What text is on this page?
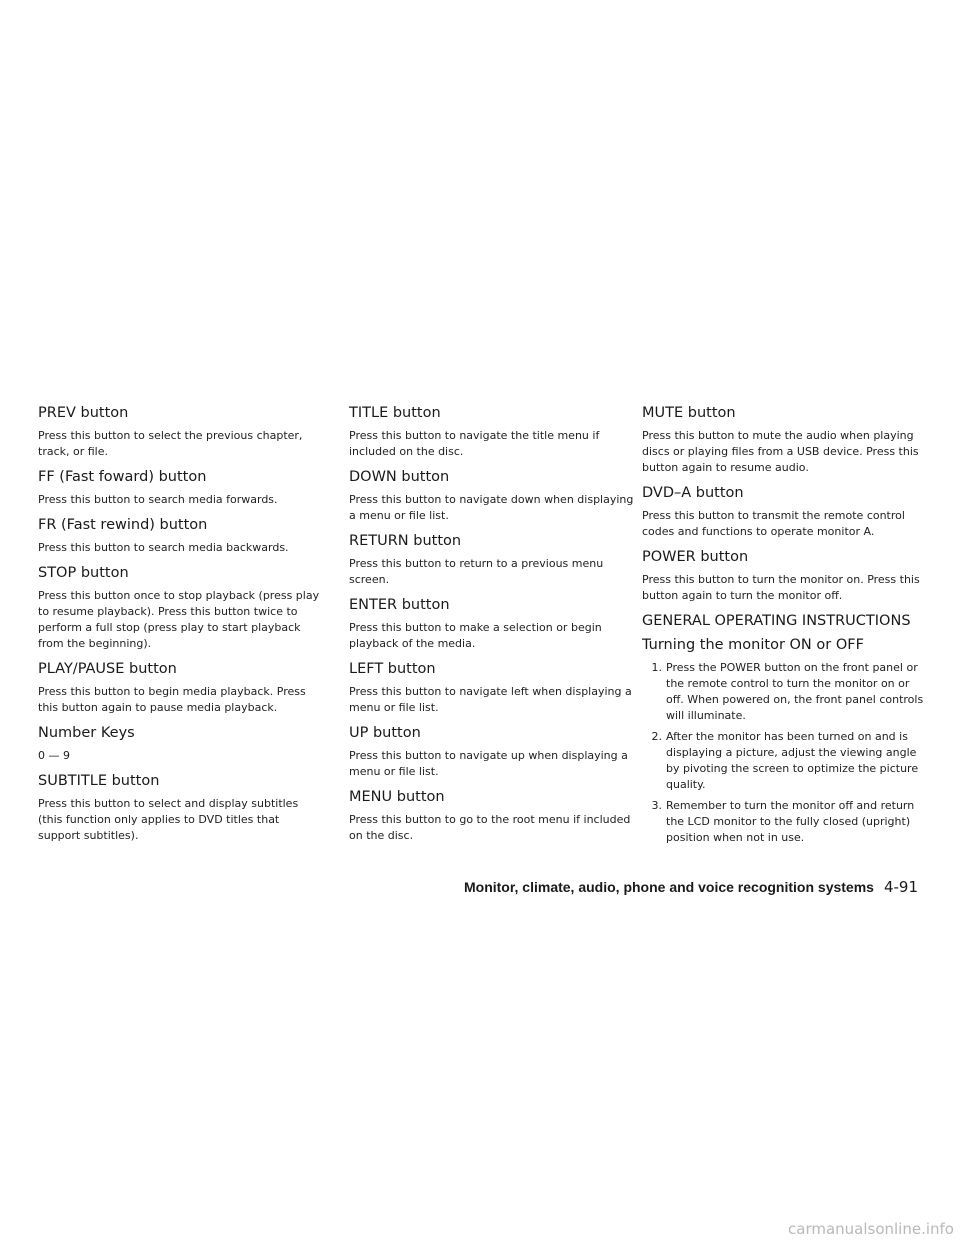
PREV button

Press this button to select the previous chapter, track, or file.

FF (Fast foward) button

Press this button to search media forwards.

FR (Fast rewind) button

Press this button to search media backwards.

STOP button

Press this button once to stop playback (press play to resume playback). Press this button twice to perform a full stop (press play to start playback from the beginning).

PLAY/PAUSE button

Press this button to begin media playback. Press this button again to pause media playback.

Number Keys

0 — 9

SUBTITLE button

Press this button to select and display subtitles (this function only applies to DVD titles that support subtitles).

TITLE button

Press this button to navigate the title menu if included on the disc.

DOWN button

Press this button to navigate down when displaying a menu or file list.

RETURN button

Press this button to return to a previous menu screen.

ENTER button

Press this button to make a selection or begin playback of the media.

LEFT button

Press this button to navigate left when displaying a menu or file list.

UP button

Press this button to navigate up when displaying a menu or file list.

MENU button

Press this button to go to the root menu if included on the disc.

MUTE button

Press this button to mute the audio when playing discs or playing files from a USB device. Press this button again to resume audio.

DVD–A button

Press this button to transmit the remote control codes and functions to operate monitor A.

POWER button

Press this button to turn the monitor on. Press this button again to turn the monitor off.

GENERAL OPERATING INSTRUCTIONS
Turning the monitor ON or OFF
1. Press the POWER button on the front panel or the remote control to turn the monitor on or off. When powered on, the front panel controls will illuminate.
2. After the monitor has been turned on and is displaying a picture, adjust the viewing angle by pivoting the screen to optimize the picture quality.
3. Remember to turn the monitor off and return the LCD monitor to the fully closed (upright) position when not in use.
Monitor, climate, audio, phone and voice recognition systems 4-91
carmanualsonline.info
